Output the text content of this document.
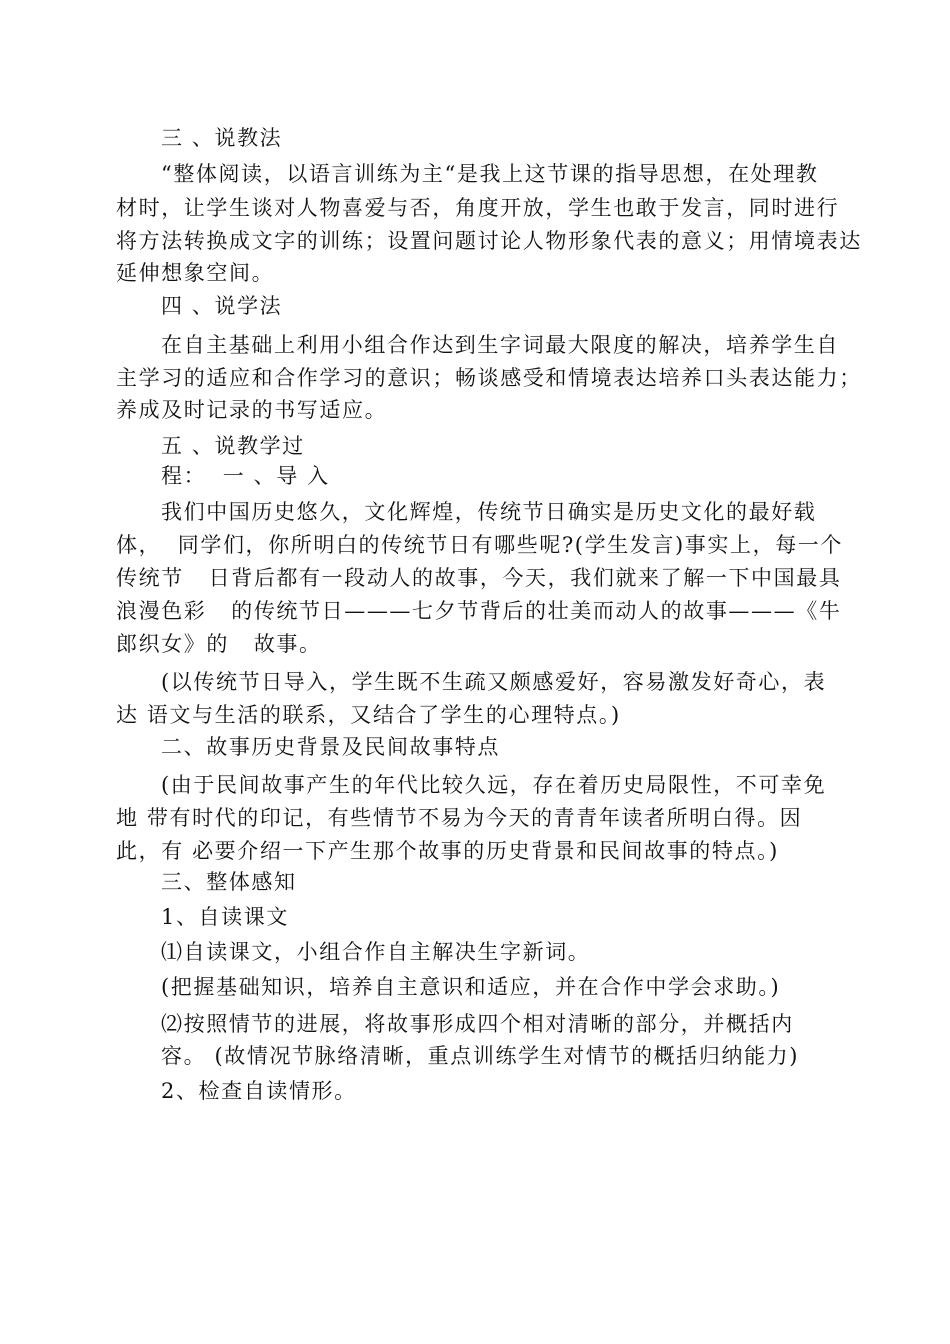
三 、说教法
“整体阅读，以语言训练为主“是我上这节课的指导思想，在处理教
材时，让学生谈对人物喜爱与否，角度开放，学生也敢于发言，同时进行
将方法转换成文字的训练；设置问题讨论人物形象代表的意义；用情境表达
延伸想象空间。
四 、说学法
在自主基础上利用小组合作达到生字词最大限度的解决，培养学生自
主学习的适应和合作学习的意识；畅谈感受和情境表达培养口头表达能力；
养成及时记录的书写适应。
五 、说教学过
程：  一 、导 入
我们中国历史悠久，文化辉煌，传统节日确实是历史文化的最好载
体，  同学们，你所明白的传统节日有哪些呢?(学生发言)事实上，每一个
传统节   日背后都有一段动人的故事，今天，我们就来了解一下中国最具
浪漫色彩   的传统节日———七夕节背后的壮美而动人的故事———《牛
郎织女》的   故事。
(以传统节日导入，学生既不生疏又颇感爱好，容易激发好奇心，表
达 语文与生活的联系，又结合了学生的心理特点。)
二、故事历史背景及民间故事特点
(由于民间故事产生的年代比较久远，存在着历史局限性，不可幸免
地 带有时代的印记，有些情节不易为今天的青青年读者所明白得。因
此，有 必要介绍一下产生那个故事的历史背景和民间故事的特点。)
三、整体感知
1、自读课文
⑴自读课文，小组合作自主解决生字新词。
(把握基础知识，培养自主意识和适应，并在合作中学会求助。)
⑵按照情节的进展，将故事形成四个相对清晰的部分，并概括内
容。 (故情况节脉络清晰，重点训练学生对情节的概括归纳能力)
2、检查自读情形。
